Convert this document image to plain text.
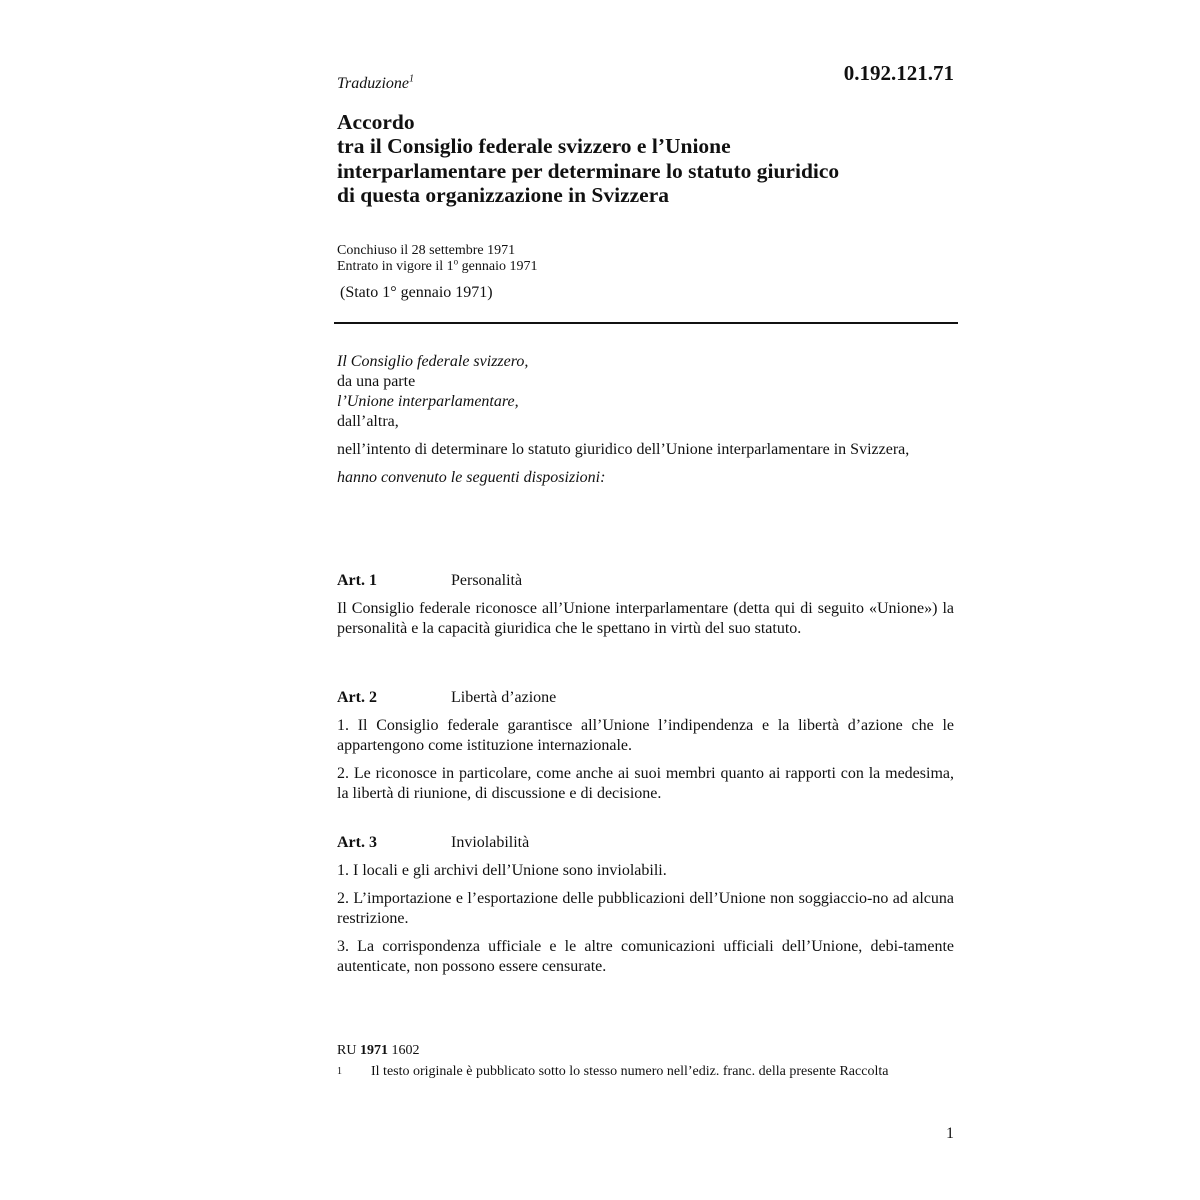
0.192.121.71
Traduzione$^1$
Accordo
tra il Consiglio federale svizzero e l’Unione
interparlamentare per determinare lo statuto giuridico
di questa organizzazione in Svizzera
Conchiuso il 28 settembre 1971
Entrato in vigore il 1$^o$ gennaio 1971
(Stato 1° gennaio 1971)

Il Consiglio federale svizzero,

da una parte

l’Unione interparlamentare,

dall’altra,

nell’intento di determinare lo statuto giuridico dell’Unione interparlamentare in Svizzera,

hanno convenuto le seguenti disposizioni:

Art. 1	Personalità

Il Consiglio federale riconosce all’Unione interparlamentare (detta qui di seguito «Unione») la personalità e la capacità giuridica che le spettano in virtù del suo statuto.

Art. 2	Libertà d’azione

1. Il Consiglio federale garantisce all’Unione l’indipendenza e la libertà d’azione che le appartengono come istituzione internazionale.

2. Le riconosce in particolare, come anche ai suoi membri quanto ai rapporti con la medesima, la libertà di riunione, di discussione e di decisione.

Art. 3	Inviolabilità

1. I locali e gli archivi dell’Unione sono inviolabili.

2. L’importazione e l’esportazione delle pubblicazioni dell’Unione non soggiaccio-no ad alcuna restrizione.

3. La corrispondenza ufficiale e le altre comunicazioni ufficiali dell’Unione, debi-tamente autenticate, non possono essere censurate.

RU 1971 1602
1 Il testo originale è pubblicato sotto lo stesso numero nell’ediz. franc. della presente Raccolta
1
